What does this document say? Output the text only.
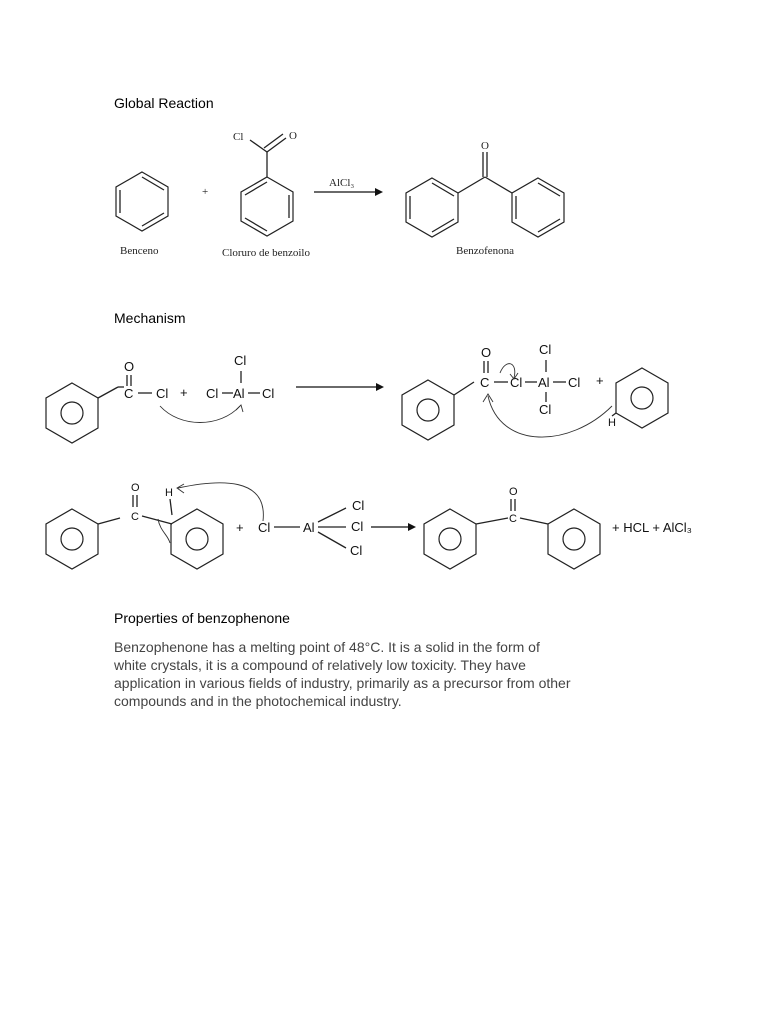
Global Reaction
Mechanism
Properties of benzophenone

Benzophenone has a melting point of 48°C. It is a solid in the form of white crystals, it is a compound of relatively low toxicity. They have application in various fields of industry, primarily as a precursor from other compounds and in the photochemical industry.

Benceno
+
Cl	O
Cloruro de benzoilo
AlCl₃
O
Benzofenona
O
C Cl +
Cl
Cl Al Cl
O
C Cl Al Cl
Cl
Cl
+
H
O
C
H
+ Cl	Al
Cl
Cl
Cl
O
C
+ HCL + AlCl₃
